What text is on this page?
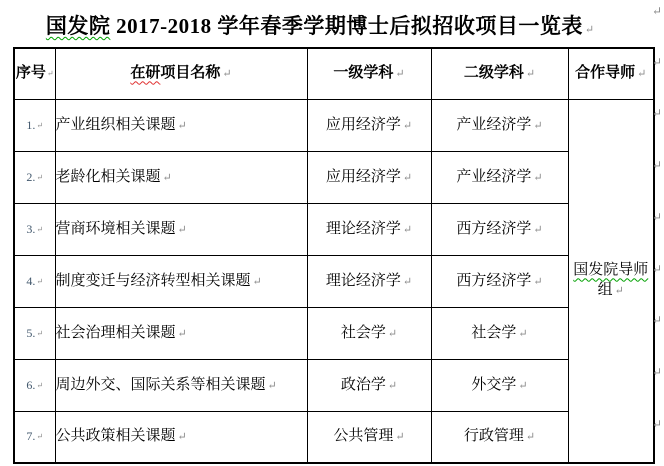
国发院 2017-2018 学年春季学期博士后拟招收项目一览表 ↵
序号↵	在研项目名称 ↵	一级学科 ↵	二级学科 ↵	合作导师 ↵
1.↵	产业组织相关课题 ↵	应用经济学 ↵	产业经济学 ↵	国发院导师
组 ↵
2.↵	老龄化相关课题 ↵	应用经济学 ↵	产业经济学 ↵	
3.↵	营商环境相关课题 ↵	理论经济学 ↵	西方经济学 ↵	
4.↵	制度变迁与经济转型相关课题 ↵	理论经济学 ↵	西方经济学 ↵	
5.↵	社会治理相关课题 ↵	社会学 ↵	社会学 ↵	
6.↵	周边外交、国际关系等相关课题 ↵	政治学 ↵	外交学 ↵	
7.↵	公共政策相关课题 ↵	公共管理 ↵	行政管理 ↵	
↵
↵
↵
↵
↵
↵
↵
↵
↵
